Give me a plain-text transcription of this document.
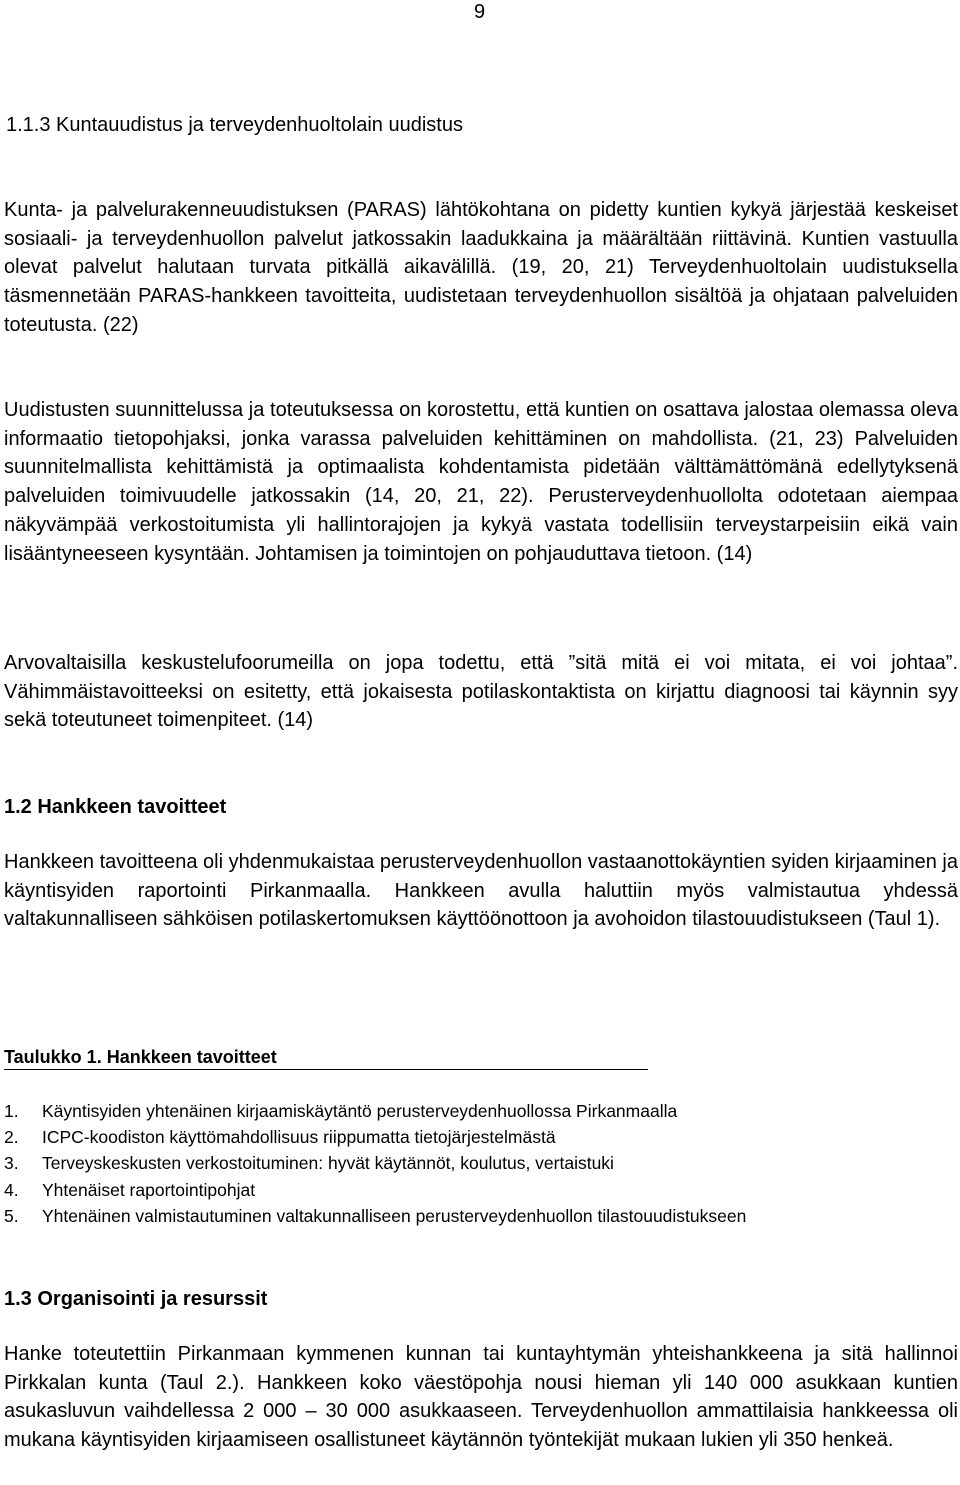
9
1.1.3 Kuntauudistus ja terveydenhuoltolain uudistus

Kunta- ja palvelurakenneuudistuksen (PARAS) lähtökohtana on pidetty kuntien kykyä järjestää keskeiset sosiaali- ja terveydenhuollon palvelut jatkossakin laadukkaina ja määrältään riittävinä. Kuntien vastuulla olevat palvelut halutaan turvata pitkällä aikavälillä. (19, 20, 21) Terveydenhuoltolain uudistuksella täsmennetään PARAS-hankkeen tavoitteita, uudistetaan terveydenhuollon sisältöä ja ohjataan palveluiden toteutusta. (22)

Uudistusten suunnittelussa ja toteutuksessa on korostettu, että kuntien on osattava jalostaa olemassa oleva informaatio tietopohjaksi, jonka varassa palveluiden kehittäminen on mahdollista. (21, 23) Palveluiden suunnitelmallista kehittämistä ja optimaalista kohdentamista pidetään välttämättömänä edellytyksenä palveluiden toimivuudelle jatkossakin (14, 20, 21, 22). Perusterveydenhuollolta odotetaan aiempaa näkyvämpää verkostoitumista yli hallintorajojen ja kykyä vastata todellisiin terveystarpeisiin eikä vain lisääntyneeseen kysyntään. Johtamisen ja toimintojen on pohjauduttava tietoon. (14)

Arvovaltaisilla keskustelufoorumeilla on jopa todettu, että ”sitä mitä ei voi mitata, ei voi johtaa”. Vähimmäistavoitteeksi on esitetty, että jokaisesta potilaskontaktista on kirjattu diagnoosi tai käynnin syy sekä toteutuneet toimenpiteet. (14)

1.2 Hankkeen tavoitteet

Hankkeen tavoitteena oli yhdenmukaistaa perusterveydenhuollon vastaanottokäyntien syiden kirjaaminen ja käyntisyiden raportointi Pirkanmaalla. Hankkeen avulla haluttiin myös valmistautua yhdessä valtakunnalliseen sähköisen potilaskertomuksen käyttöönottoon ja avohoidon tilastouudistukseen (Taul 1).

Taulukko 1. Hankkeen tavoitteet
1.	Käyntisyiden yhtenäinen kirjaamiskäytäntö perusterveydenhuollossa Pirkanmaalla
2.	ICPC-koodiston käyttömahdollisuus riippumatta tietojärjestelmästä
3.	Terveyskeskusten verkostoituminen: hyvät käytännöt, koulutus, vertaistuki
4.	Yhtenäiset raportointipohjat
5.	Yhtenäinen valmistautuminen valtakunnalliseen perusterveydenhuollon tilastouudistukseen
1.3 Organisointi ja resurssit

Hanke toteutettiin Pirkanmaan kymmenen kunnan tai kuntayhtymän yhteishankkeena ja sitä hallinnoi Pirkkalan kunta (Taul 2.). Hankkeen koko väestöpohja nousi hieman yli 140 000 asukkaan kuntien asukasluvun vaihdellessa 2 000 – 30 000 asukkaaseen. Terveydenhuollon ammattilaisia hankkeessa oli mukana käyntisyiden kirjaamiseen osallistuneet käytännön työntekijät mukaan lukien yli 350 henkeä.
